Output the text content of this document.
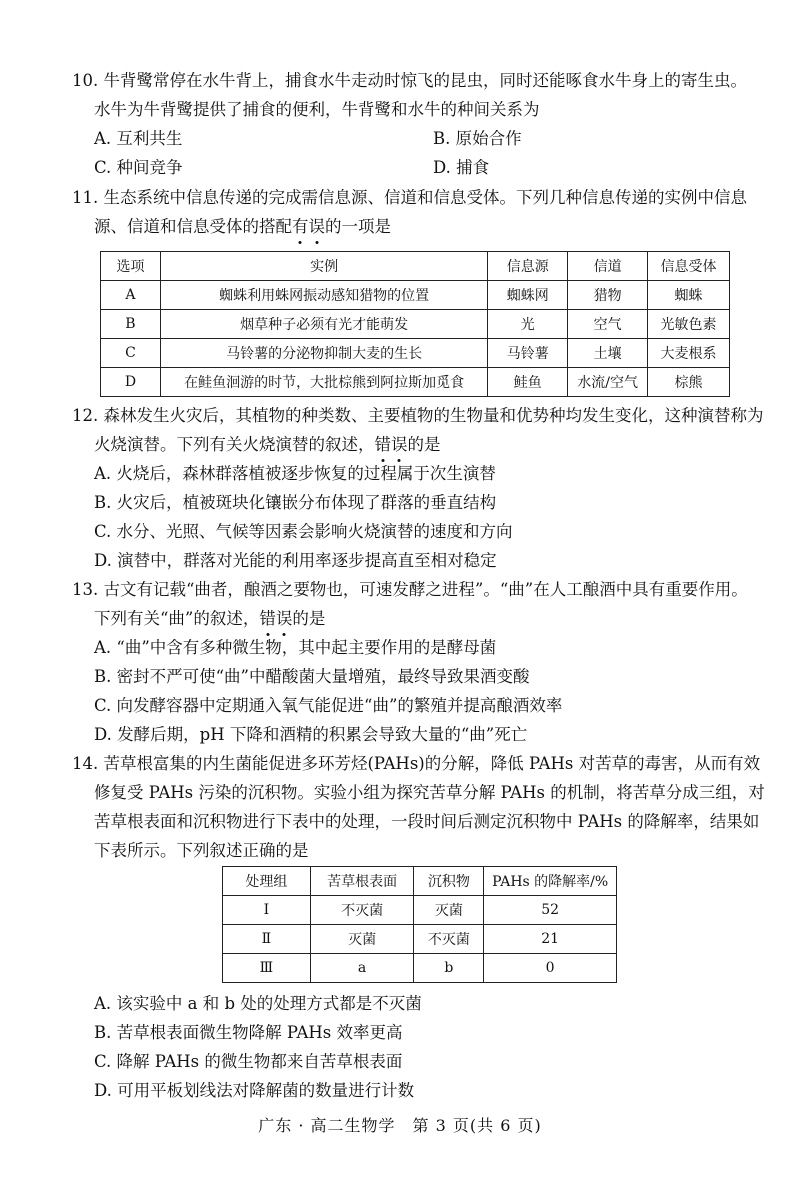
10. 牛背鹭常停在水牛背上，捕食水牛走动时惊飞的昆虫，同时还能啄食水牛身上的寄生虫。
水牛为牛背鹭提供了捕食的便利，牛背鹭和水牛的种间关系为
A. 互利共生	B. 原始合作
C. 种间竞争	D. 捕食
11. 生态系统中信息传递的完成需信息源、信道和信息受体。下列几种信息传递的实例中信息
源、信道和信息受体的搭配有误的一项是
选项	实例	信息源	信道	信息受体
A	蜘蛛利用蛛网振动感知猎物的位置	蜘蛛网	猎物	蜘蛛
B	烟草种子必须有光才能萌发	光	空气	光敏色素
C	马铃薯的分泌物抑制大麦的生长	马铃薯	土壤	大麦根系
D	在鲑鱼洄游的时节，大批棕熊到阿拉斯加觅食	鲑鱼	水流/空气	棕熊
12. 森林发生火灾后，其植物的种类数、主要植物的生物量和优势种均发生变化，这种演替称为
火烧演替。下列有关火烧演替的叙述，错误的是
A. 火烧后，森林群落植被逐步恢复的过程属于次生演替
B. 火灾后，植被斑块化镶嵌分布体现了群落的垂直结构
C. 水分、光照、气候等因素会影响火烧演替的速度和方向
D. 演替中，群落对光能的利用率逐步提高直至相对稳定
13. 古文有记载“曲者，酿酒之要物也，可速发酵之进程”。“曲”在人工酿酒中具有重要作用。
下列有关“曲”的叙述，错误的是
A. “曲”中含有多种微生物，其中起主要作用的是酵母菌
B. 密封不严可使“曲”中醋酸菌大量增殖，最终导致果酒变酸
C. 向发酵容器中定期通入氧气能促进“曲”的繁殖并提高酿酒效率
D. 发酵后期，pH 下降和酒精的积累会导致大量的“曲”死亡
14. 苦草根富集的内生菌能促进多环芳烃(PAHs)的分解，降低 PAHs 对苦草的毒害，从而有效
修复受 PAHs 污染的沉积物。实验小组为探究苦草分解 PAHs 的机制，将苦草分成三组，对
苦草根表面和沉积物进行下表中的处理，一段时间后测定沉积物中 PAHs 的降解率，结果如
下表所示。下列叙述正确的是
处理组	苦草根表面	沉积物	PAHs 的降解率/%
Ⅰ	不灭菌	灭菌	52
Ⅱ	灭菌	不灭菌	21
Ⅲ	a	b	0
A. 该实验中 a 和 b 处的处理方式都是不灭菌
B. 苦草根表面微生物降解 PAHs 效率更高
C. 降解 PAHs 的微生物都来自苦草根表面
D. 可用平板划线法对降解菌的数量进行计数
广东 · 高二生物学　第 3 页(共 6 页)
